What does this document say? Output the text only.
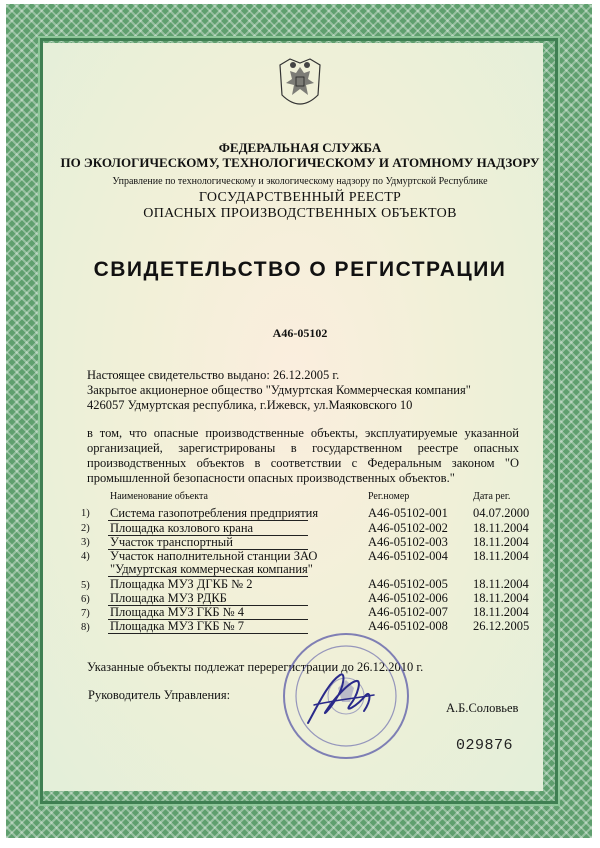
ФЕДЕРАЛЬНАЯ СЛУЖБА
ПО ЭКОЛОГИЧЕСКОМУ, ТЕХНОЛОГИЧЕСКОМУ И АТОМНОМУ НАДЗОРУ
Управление по технологическому и экологическому надзору по Удмуртской Республике
ГОСУДАРСТВЕННЫЙ РЕЕСТР
ОПАСНЫХ ПРОИЗВОДСТВЕННЫХ ОБЪЕКТОВ
СВИДЕТЕЛЬСТВО О РЕГИСТРАЦИИ
А46-05102
Настоящее свидетельство выдано: 26.12.2005 г.
Закрытое акционерное общество "Удмуртская Коммерческая компания"
426057 Удмуртская республика, г.Ижевск, ул.Маяковского 10
в том, что опасные производственные объекты, эксплуатируемые указанной
организацией, зарегистрированы в государственном реестре опасных
производственных объектов в соответствии с Федеральным законом "О
промышленной безопасности опасных производственных объектов."
Наименование объекта	Рег.номер	Дата рег.
1) Система газопотребления предприятия	А46-05102-001 04.07.2000
2) Площадка козлового крана	А46-05102-002 18.11.2004
3) Участок транспортный	А46-05102-003 18.11.2004
4) Участок наполнительной станции ЗАО
"Удмуртская коммерческая компания"
А46-05102-004 18.11.2004
5) Площадка МУЗ ДГКБ № 2	А46-05102-005 18.11.2004
6) Площадка МУЗ РДКБ	А46-05102-006 18.11.2004
7) Площадка МУЗ ГКБ № 4	А46-05102-007 18.11.2004
8) Площадка МУЗ ГКБ № 7	А46-05102-008 26.12.2005
Указанные объекты подлежат перерегистрации до 26.12.2010 г.
Руководитель Управления:
А.Б.Соловьев
029876
